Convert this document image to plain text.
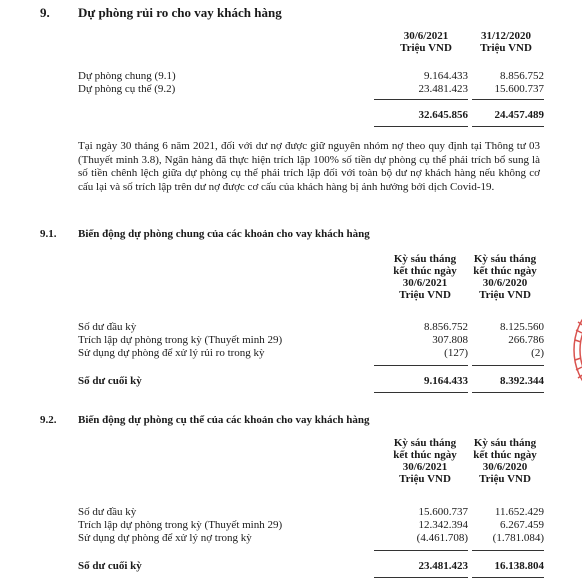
9. Dự phòng rủi ro cho vay khách hàng
30/6/2021
Triệu VND
31/12/2020
Triệu VND
Dự phòng chung (9.1)	9.164.433	8.856.752
Dự phòng cụ thể (9.2)	23.481.423	15.600.737
32.645.856	24.457.489
Tại ngày 30 tháng 6 năm 2021, đối với dư nợ được giữ nguyên nhóm nợ theo quy định tại Thông tư 03 (Thuyết minh 3.8), Ngân hàng đã thực hiện trích lập 100% số tiền dự phòng cụ thể phải trích bổ sung là số tiền chênh lệch giữa dự phòng cụ thể phải trích lập đối với toàn bộ dư nợ khách hàng nếu không cơ cấu lại và số trích lập trên dư nợ được cơ cấu của khách hàng bị ảnh hưởng bởi dịch Covid-19.
9.1. Biến động dự phòng chung của các khoản cho vay khách hàng
Kỳ sáu tháng
kết thúc ngày
30/6/2021
Triệu VND
Kỳ sáu tháng
kết thúc ngày
30/6/2020
Triệu VND
Số dư đầu kỳ	8.856.752	8.125.560
Trích lập dự phòng trong kỳ (Thuyết minh 29)	307.808	266.786
Sử dụng dự phòng để xử lý rủi ro trong kỳ	(127)	(2)
Số dư cuối kỳ	9.164.433	8.392.344
9.2. Biến động dự phòng cụ thể của các khoản cho vay khách hàng
Kỳ sáu tháng
kết thúc ngày
30/6/2021
Triệu VND
Kỳ sáu tháng
kết thúc ngày
30/6/2020
Triệu VND
Số dư đầu kỳ	15.600.737	11.652.429
Trích lập dự phòng trong kỳ (Thuyết minh 29)	12.342.394	6.267.459
Sử dụng dự phòng để xử lý nợ trong kỳ	(4.461.708)	(1.781.084)
Số dư cuối kỳ	23.481.423	16.138.804
